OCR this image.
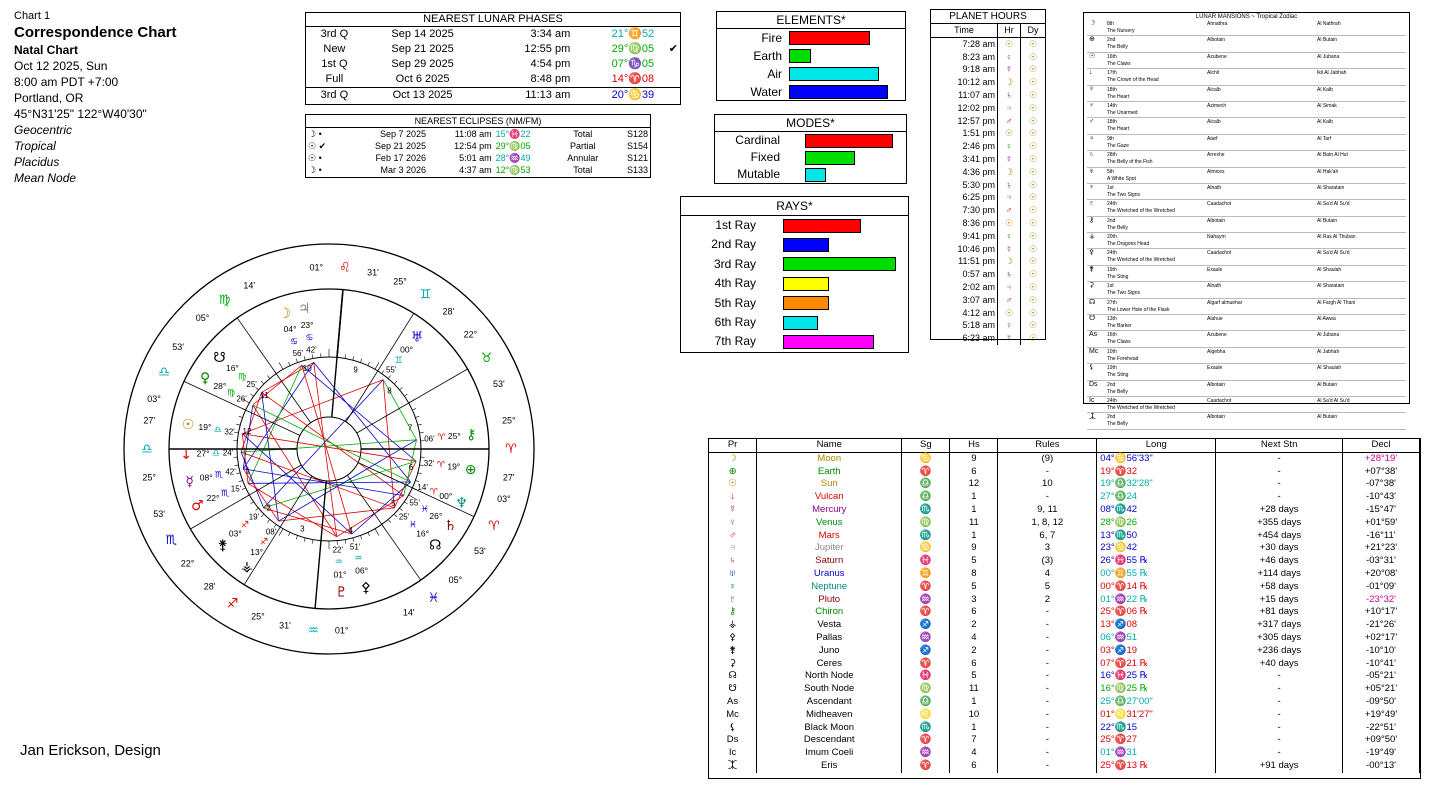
Chart 1
Correspondence Chart
Natal Chart
Oct 12 2025, Sun
8:00 am PDT +7:00
Portland, OR
45°N31'25" 122°W40'30"
Geocentric
Tropical
Placidus
Mean Node
Jan Erickson, Design
NEAREST LUNAR PHASES
3rd Q	Sep 14 2025	3:34 am	21°♊52	
New	Sep 21 2025	12:55 pm	29°♍05	✔
1st Q	Sep 29 2025	4:54 pm	07°♑05	
Full	Oct 6 2025	8:48 pm	14°♈08	
3rd Q	Oct 13 2025	11:13 am	20°♋39	
NEAREST ECLIPSES (NM/FM)
☽ •	Sep 7 2025	11:08 am	15°♓22	Total	S128
☉ ✔	Sep 21 2025	12:54 pm	29°♍05	Partial	S154
☉ •	Feb 17 2026	5:01 am	28°♒49	Annular	S121
☽ •	Mar 3 2026	4:37 am	12°♍53	Total	S133
ELEMENTS*
Fire
Earth
Air
Water
MODES*
Cardinal
Fixed
Mutable
RAYS*
1st Ray
2nd Ray
3rd Ray
4th Ray
5th Ray
6th Ray
7th Ray
PLANET HOURS
Time	Hr	Dy
7:28 am	☉	☉
8:23 am	♀	☉
9:18 am	☿	☉
10:12 am	☽	☉
11:07 am	♄	☉
12:02 pm	♃	☉
12:57 pm	♂	☉
1:51 pm	☉	☉
2:46 pm	♀	☉
3:41 pm	☿	☉
4:36 pm	☽	☉
5:30 pm	♄	☉
6:25 pm	♃	☉
7:30 pm	♂	☉
8:36 pm	☉	☉
9:41 pm	♀	☉
10:46 pm	☿	☉
11:51 pm	☽	☉
0:57 am	♄	☉
2:02 am	♃	☉
3:07 am	♂	☉
4:12 am	☉	☉
5:18 am	♀	☉
6:23 am	☿	☉
LUNAR MANSIONS ~ Tropical Zodiac
☽ 8th	Annathra	Al Nathrah
The Nursery
⊕ 2nd	Albotain	Al Butain
The Belly
☉ 16th	Azubene	Al Jubana
The Claws
↓	17th	Alchil	Ikil Al Jabhah
The Crown of the Head
☿	18th	Alcalb	Al Kalb
The Heart
♀	14th	Azimech	Al Simak
The Unarmed
♂	18th	Alcalb	Al Kalb
The Heart
♃	9th	Atarf	Al Tarf
The Gaze
♄	28th	Arrexhe	Al Batn Al Hut
The Belly of the Fish
♅	5th	Almices	Al Hak'ah
A White Spot
♆	1st	Alnath	Al Sharatain
The Two Signs
♇	24th	Caadachot	Al Sa'd Al Su'd
The Wretched of the Wretched
⚷	2nd	Albotain	Al Butain
The Belly
⚶ 20th	Nahaym	Al Ras Al Thuban
The Dragons Head
⚴	24th	Caadachot	Al Sa'd Al Su'd
The Wretched of the Wretched
⚵	19th	Exaule	Al Shaulah
The Sting
⚳	1st	Alnath	Al Sharatain
The Two Signs
☊ 27th	Algarf almuehar	Al Fargh Al Thani
The Lower Hole of the Flask
☋ 13th	Alahue	Al Awwa
The Barker
As 16th	Azubene	Al Jubana
The Claws
Mc 10th	Algebha	Al Jabhah
The Forehead
⚸	19th	Exaule	Al Shaulah
The Sting
Ds 2nd	Albotain	Al Butain
The Belly
Ic	24th	Caadachot	Al Sa'd Al Su'd
The Wretched of the Wretched
⯰ 2nd	Albotain	Al Butain
The Belly
Pr	Name	Sg	Hs	Rules	Long	Next Stn	Decl
☽	Moon	♋	9	(9)	04°♋56'33"	-	+28°19'
⊕	Earth	♈	6	-	19°♈32	-	+07°38'
☉	Sun	♎	12	10	19°♎32'28"	-	-07°38'
↓	Vulcan	♎	1	-	27°♎24	-	-10°43'
☿	Mercury	♏	1	9, 11	08°♏42	+28 days	-15°47'
♀	Venus	♍	11	1, 8, 12	28°♍26	+355 days	+01°59'
♂	Mars	♏	1	6, 7	13°♏50	+454 days	-16°11'
♃	Jupiter	♋	9	3	23°♋42	+30 days	+21°23'
♄	Saturn	♓	5	(3)	26°♓55 ℞	+46 days	-03°31'
♅	Uranus	♊	8	4	00°♊55 ℞	+114 days	+20°08'
♆	Neptune	♈	5	5	00°♈14 ℞	+58 days	-01°09'
♇	Pluto	♒	3	2	01°♒22 ℞	+15 days	-23°32'
⚷	Chiron	♈	6	-	25°♈06 ℞	+81 days	+10°17'
⚶	Vesta	♐	2	-	13°♐08	+317 days	-21°26'
⚴	Pallas	♒	4	-	06°♒51	+305 days	+02°17'
⚵	Juno	♐	2	-	03°♐19	+236 days	-10°10'
⚳	Ceres	♈	6	-	07°♈21 ℞	+40 days	-10°41'
☊	North Node	♓	5	-	16°♓25 ℞	-	-05°21'
☋	South Node	♍	11	-	16°♍25 ℞	-	+05°21'
As	Ascendant	♎	1	-	25°♎27'00"	-	-09°50'
Mc	Midheaven	♌	10	-	01°♌31'27"	-	+19°49'
⚸	Black Moon	♏	1	-	22°♏15	-	-22°51'
Ds	Descendant	♈	7	-	25°♈27	-	+09°50'
Ic	Imum Coeli	♒	4	-	01°♒31	-	-19°49'
⯰	Eris	♈	6	-	25°♈13 ℞	+91 days	-00°13'
♎
25°
27'
1
♏
22°
53'
2
♐
25°
28'
3
♒ 01°
31'
4
♓
05°
14'
5
♈
03°
53'
6
♈
25°
27'
7
♉
22°
53'
8
♊
25°
28'
9
♌
01°	31'
10
♍
05°
14'
11
♎
03°
53'
12
♃
23°
♋
42'
☽
04°
♋
56'
♅
00°
♊
55'
☋
16°
♍
25'
♀ 28°
♍
26'
☉ 19° ♎ 32'
↓ 27° ♎ 24'
☿ 08° ♏ 42'
♂ 22° ♏
15'
⚵
03°
♐
19'
⚶
13°
♐
08'
♇
01°
♒
22'
⚴
06°
♒
51'	☊
16°
♓
25'
♄
26°
♓
55'	♆
00°
♈
14'
⊕
19°
♈
32'
⚷
25°
♈
06'
